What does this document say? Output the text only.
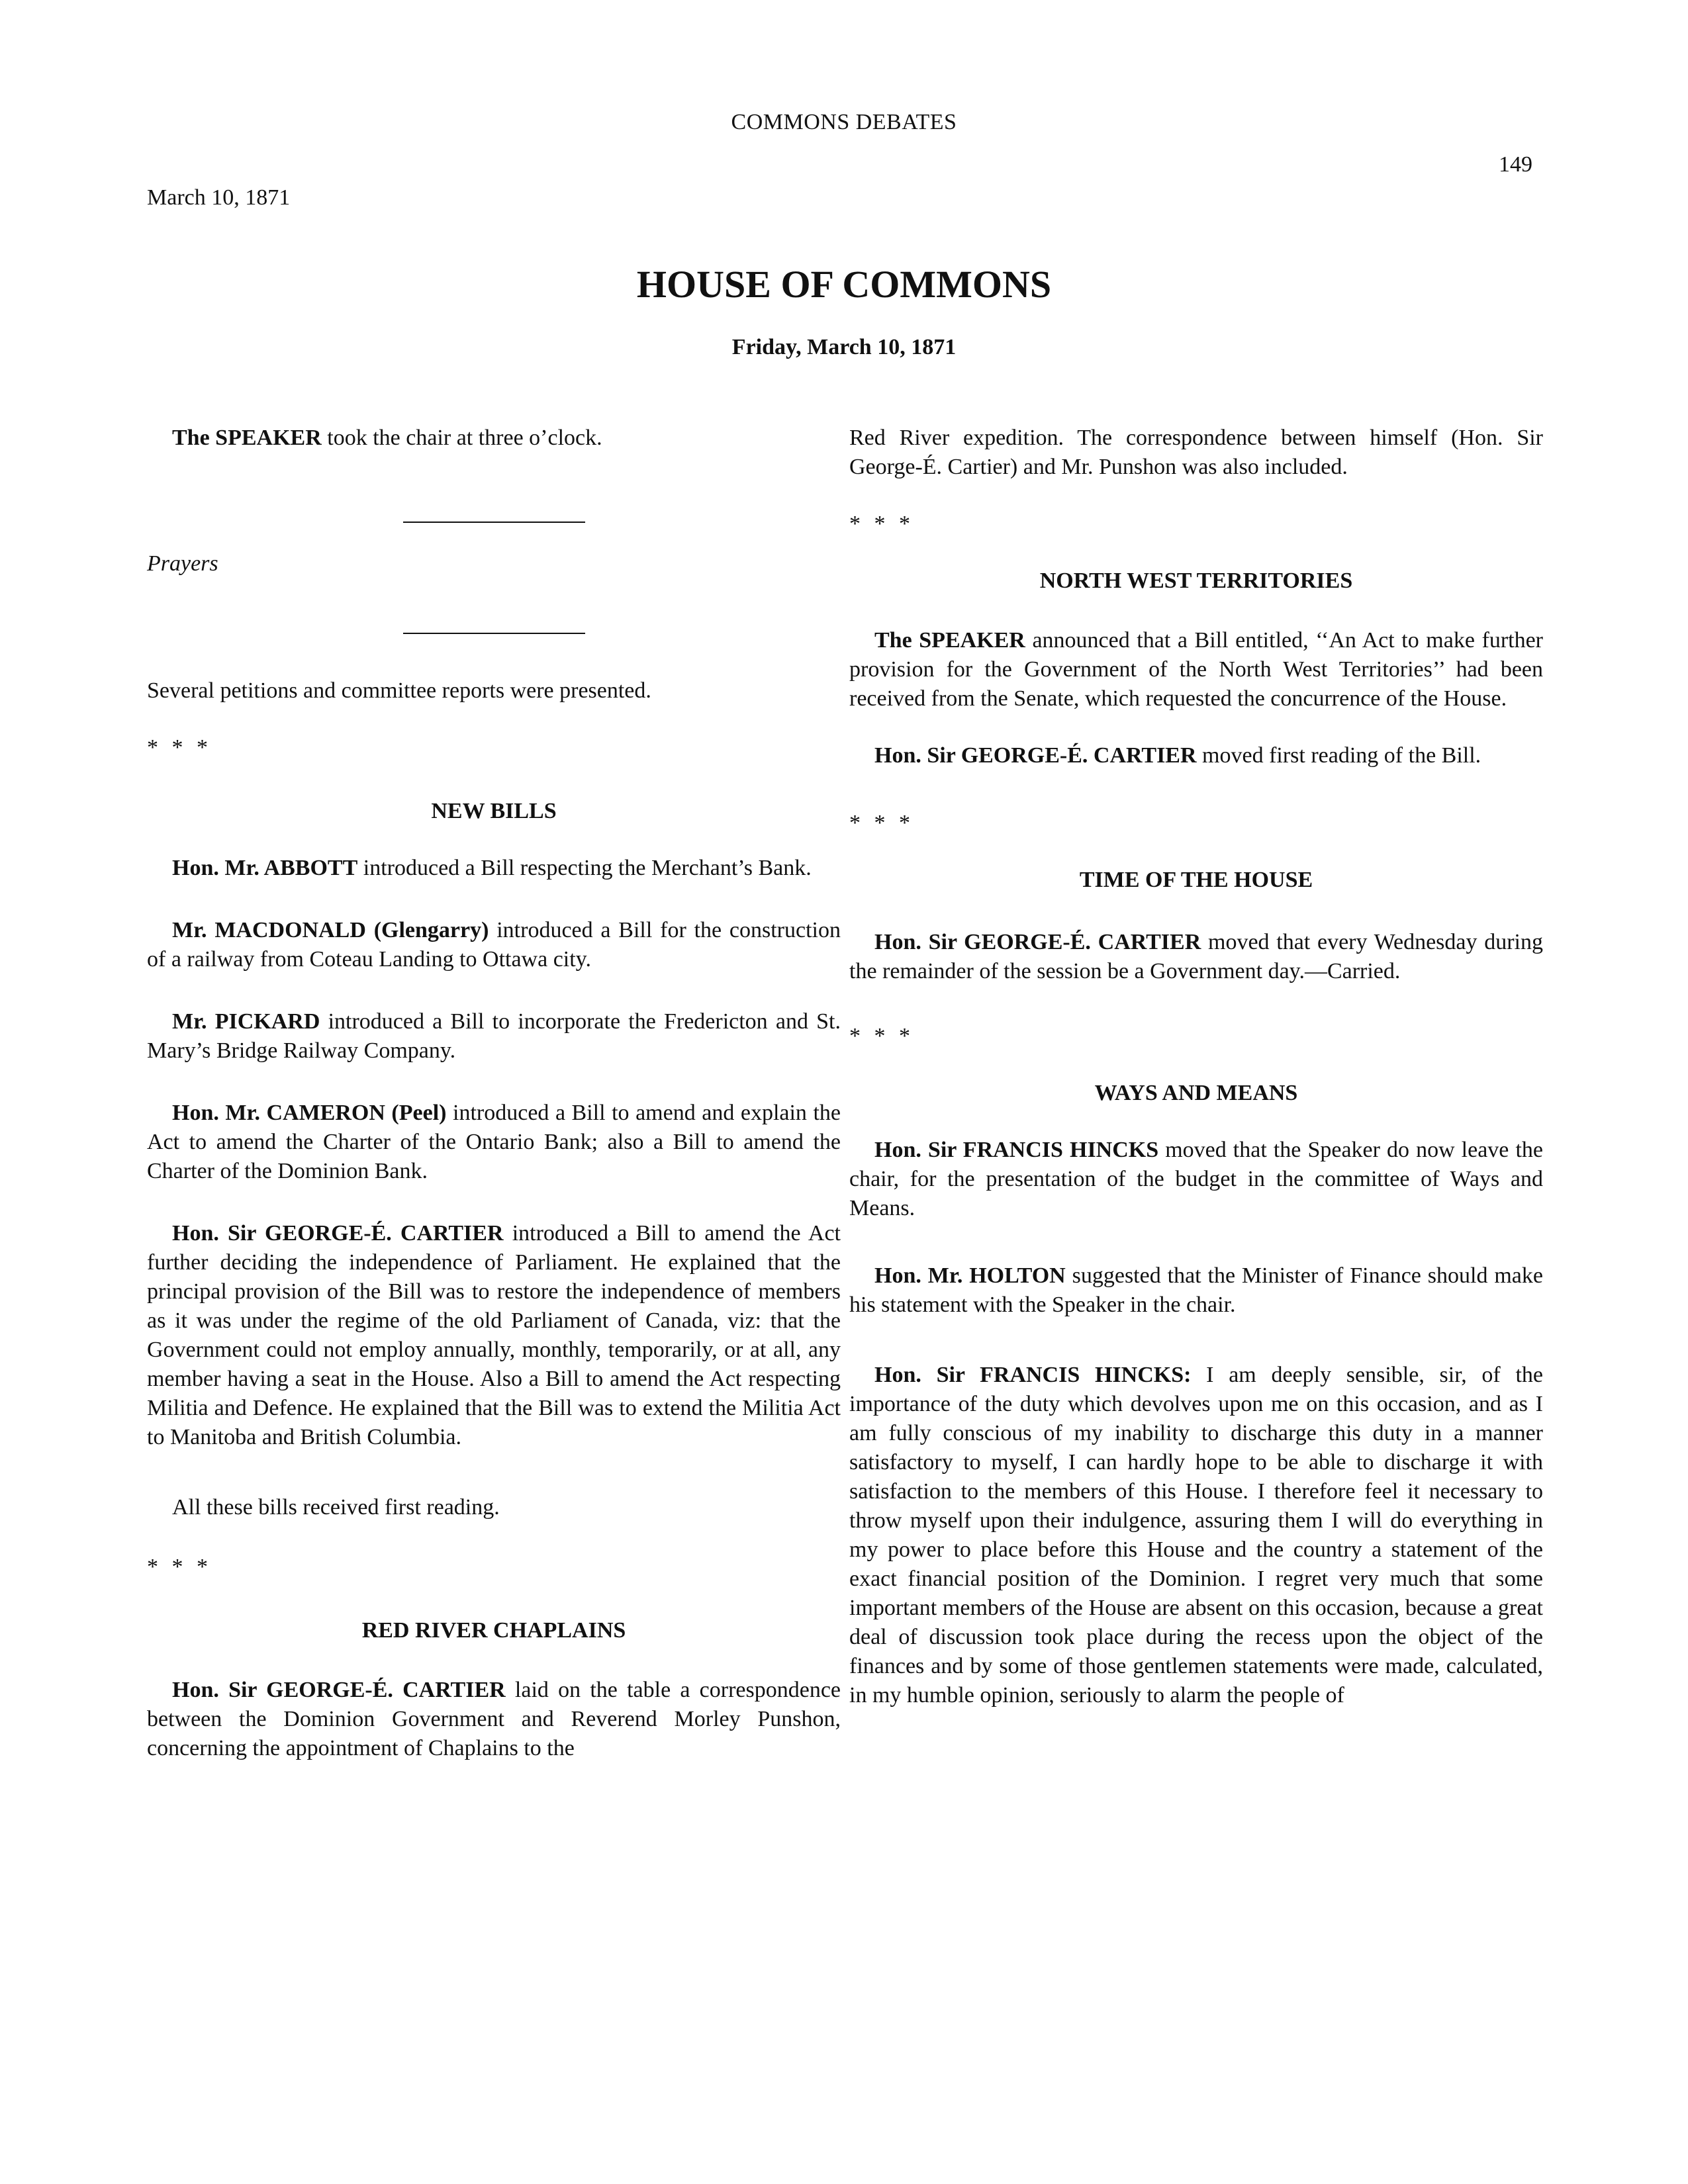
COMMONS DEBATES
149
March 10, 1871
HOUSE OF COMMONS
Friday, March 10, 1871

The SPEAKER took the chair at three o’clock.

Prayers

Several petitions and committee reports were presented.

* * *

NEW BILLS

Hon. Mr. ABBOTT introduced a Bill respecting the Merchant’s Bank.

Mr. MACDONALD (Glengarry) introduced a Bill for the construction of a railway from Coteau Landing to Ottawa city.

Mr. PICKARD introduced a Bill to incorporate the Fredericton and St. Mary’s Bridge Railway Company.

Hon. Mr. CAMERON (Peel) introduced a Bill to amend and explain the Act to amend the Charter of the Ontario Bank; also a Bill to amend the Charter of the Dominion Bank.

Hon. Sir GEORGE-É. CARTIER introduced a Bill to amend the Act further deciding the independence of Parliament. He explained that the principal provision of the Bill was to restore the independence of members as it was under the regime of the old Parliament of Canada, viz: that the Government could not employ annually, monthly, temporarily, or at all, any member having a seat in the House. Also a Bill to amend the Act respecting Militia and Defence. He explained that the Bill was to extend the Militia Act to Manitoba and British Columbia.

All these bills received first reading.

* * *

RED RIVER CHAPLAINS

Hon. Sir GEORGE-É. CARTIER laid on the table a correspondence between the Dominion Government and Reverend Morley Punshon, concerning the appointment of Chaplains to the

Red River expedition. The correspondence between himself (Hon. Sir George-É. Cartier) and Mr. Punshon was also included.

* * *

NORTH WEST TERRITORIES

The SPEAKER announced that a Bill entitled, ‘‘An Act to make further provision for the Government of the North West Territories’’ had been received from the Senate, which requested the concurrence of the House.

Hon. Sir GEORGE-É. CARTIER moved first reading of the Bill.

* * *

TIME OF THE HOUSE

Hon. Sir GEORGE-É. CARTIER moved that every Wednesday during the remainder of the session be a Government day.—Carried.

* * *

WAYS AND MEANS

Hon. Sir FRANCIS HINCKS moved that the Speaker do now leave the chair, for the presentation of the budget in the committee of Ways and Means.

Hon. Mr. HOLTON suggested that the Minister of Finance should make his statement with the Speaker in the chair.

Hon. Sir FRANCIS HINCKS: I am deeply sensible, sir, of the importance of the duty which devolves upon me on this occasion, and as I am fully conscious of my inability to discharge this duty in a manner satisfactory to myself, I can hardly hope to be able to discharge it with satisfaction to the members of this House. I therefore feel it necessary to throw myself upon their indulgence, assuring them I will do everything in my power to place before this House and the country a statement of the exact financial position of the Dominion. I regret very much that some important members of the House are absent on this occasion, because a great deal of discussion took place during the recess upon the object of the finances and by some of those gentlemen statements were made, calculated, in my humble opinion, seriously to alarm the people of
